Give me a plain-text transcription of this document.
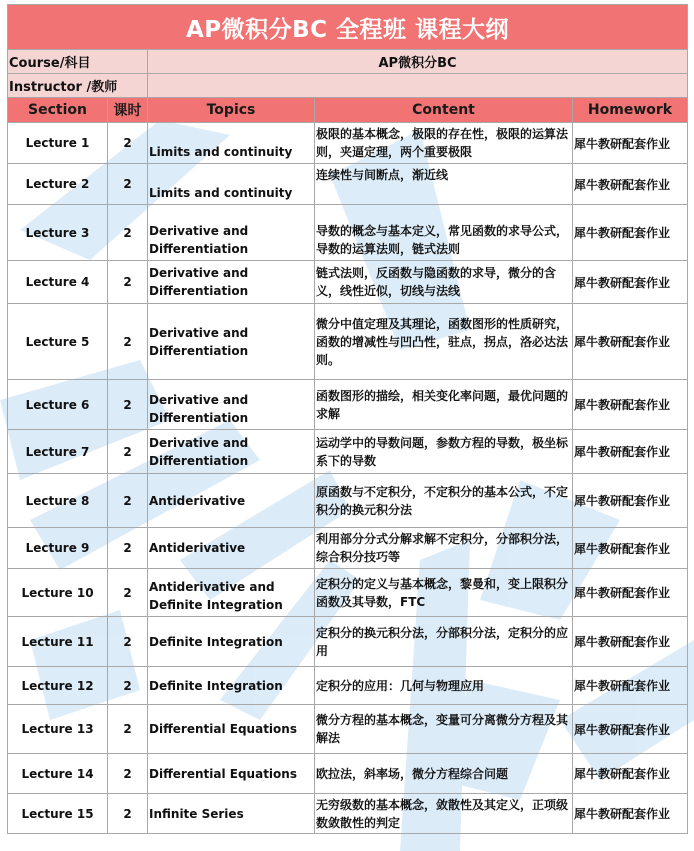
AP微积分BC 全程班 课程大纲				
Course/科目		AP微积分BC		
Instructor /教师				
Section	课时	Topics	Content	Homework
Lecture 1	2	Limits and continuity	极限的基本概念，极限的存在性，极限的运算法则，夹逼定理，两个重要极限	犀牛教研配套作业
Lecture 2	2	Limits and continuity	连续性与间断点，渐近线	犀牛教研配套作业
Lecture 3	2	Derivative and Differentiation	导数的概念与基本定义，常见函数的求导公式，导数的运算法则，链式法则	犀牛教研配套作业
Lecture 4	2	Derivative and Differentiation	链式法则，反函数与隐函数的求导，微分的含义，线性近似，切线与法线	犀牛教研配套作业
Lecture 5	2	Derivative and Differentiation	微分中值定理及其理论，函数图形的性质研究，函数的增减性与凹凸性，驻点，拐点，洛必达法则。	犀牛教研配套作业
Lecture 6	2	Derivative and Differentiation	函数图形的描绘，相关变化率问题，最优问题的求解	犀牛教研配套作业
Lecture 7	2	Derivative and Differentiation	运动学中的导数问题，参数方程的导数，极坐标系下的导数	犀牛教研配套作业
Lecture 8	2	Antiderivative	原函数与不定积分，不定积分的基本公式，不定积分的换元积分法	犀牛教研配套作业
Lecture 9	2	Antiderivative	利用部分分式分解求解不定积分，分部积分法，综合积分技巧等	犀牛教研配套作业
Lecture 10	2	Antiderivative and Definite Integration	定积分的定义与基本概念，黎曼和，变上限积分函数及其导数，FTC	犀牛教研配套作业
Lecture 11	2	Definite Integration	定积分的换元积分法，分部积分法，定积分的应用	犀牛教研配套作业
Lecture 12	2	Definite Integration	定积分的应用：几何与物理应用	犀牛教研配套作业
Lecture 13	2	Differential Equations	微分方程的基本概念，变量可分离微分方程及其解法	犀牛教研配套作业
Lecture 14	2	Differential Equations	欧拉法，斜率场，微分方程综合问题	犀牛教研配套作业
Lecture 15	2	Infinite Series	无穷级数的基本概念，敛散性及其定义，正项级数敛散性的判定	犀牛教研配套作业
